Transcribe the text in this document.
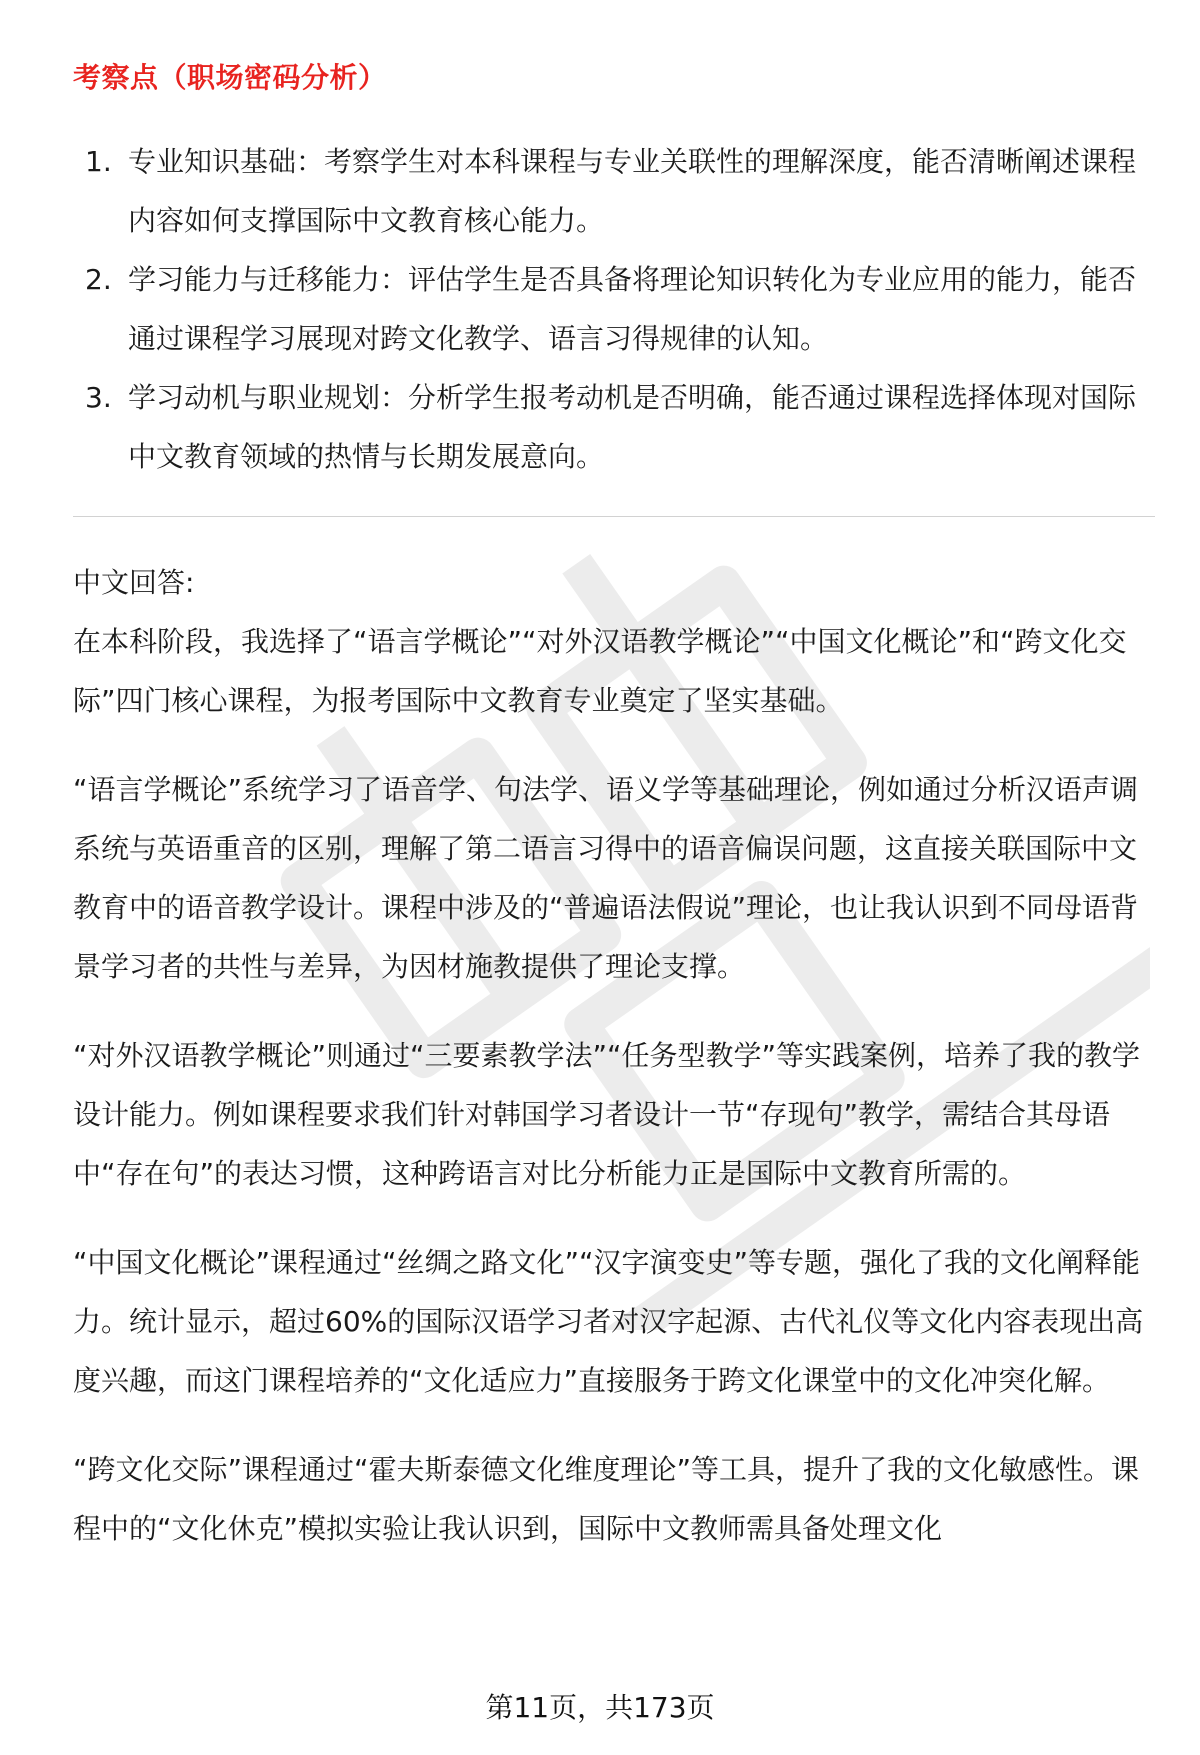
考察点（职场密码分析）
1. 专业知识基础：考察学生对本科课程与专业关联性的理解深度，能否清晰阐述课程内容如何支撑国际中文教育核心能力。
2. 学习能力与迁移能力：评估学生是否具备将理论知识转化为专业应用的能力，能否通过课程学习展现对跨文化教学、语言习得规律的认知。
3. 学习动机与职业规划：分析学生报考动机是否明确，能否通过课程选择体现对国际中文教育领域的热情与长期发展意向。

中文回答:

在本科阶段，我选择了“语言学概论”“对外汉语教学概论”“中国文化概论”和“跨文化交际”四门核心课程，为报考国际中文教育专业奠定了坚实基础。

“语言学概论”系统学习了语音学、句法学、语义学等基础理论，例如通过分析汉语声调系统与英语重音的区别，理解了第二语言习得中的语音偏误问题，这直接关联国际中文教育中的语音教学设计。课程中涉及的“普遍语法假说”理论，也让我认识到不同母语背景学习者的共性与差异，为因材施教提供了理论支撑。

“对外汉语教学概论”则通过“三要素教学法”“任务型教学”等实践案例，培养了我的教学设计能力。例如课程要求我们针对韩国学习者设计一节“存现句”教学，需结合其母语中“存在句”的表达习惯，这种跨语言对比分析能力正是国际中文教育所需的。

“中国文化概论”课程通过“丝绸之路文化”“汉字演变史”等专题，强化了我的文化阐释能力。统计显示，超过60%的国际汉语学习者对汉字起源、古代礼仪等文化内容表现出高度兴趣，而这门课程培养的“文化适应力”直接服务于跨文化课堂中的文化冲突化解。

“跨文化交际”课程通过“霍夫斯泰德文化维度理论”等工具，提升了我的文化敏感性。课程中的“文化休克”模拟实验让我认识到，国际中文教师需具备处理文化

第11页，共173页
